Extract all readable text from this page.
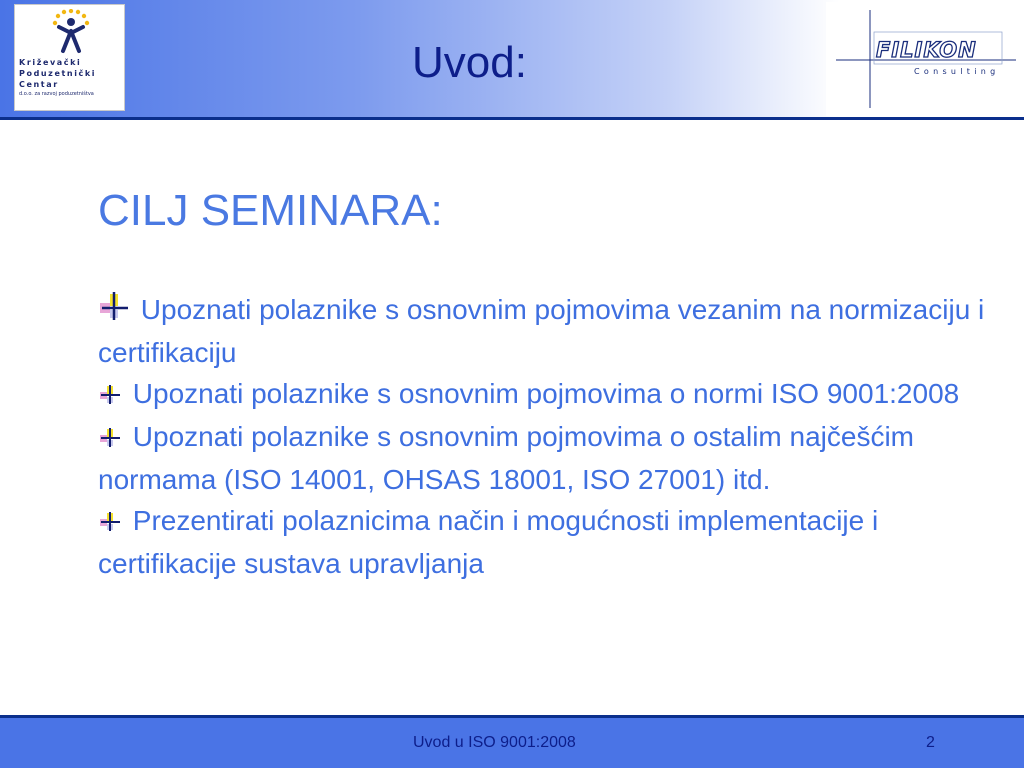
Križevački
Poduzetnički
Centar
d.o.o. za razvoj poduzetništva
Uvod:	FILIKON
Consulting
CILJ SEMINARA:

Upoznati polaznike s osnovnim pojmovima vezanim na normizaciju i certifikaciju

Upoznati polaznike s osnovnim pojmovima o normi ISO 9001:2008

Upoznati polaznike s osnovnim pojmovima o ostalim najčešćim normama (ISO 14001, OHSAS 18001, ISO 27001) itd.

Prezentirati polaznicima način i mogućnosti implementacije i certifikacije sustava upravljanja

Uvod u ISO 9001:2008	2
